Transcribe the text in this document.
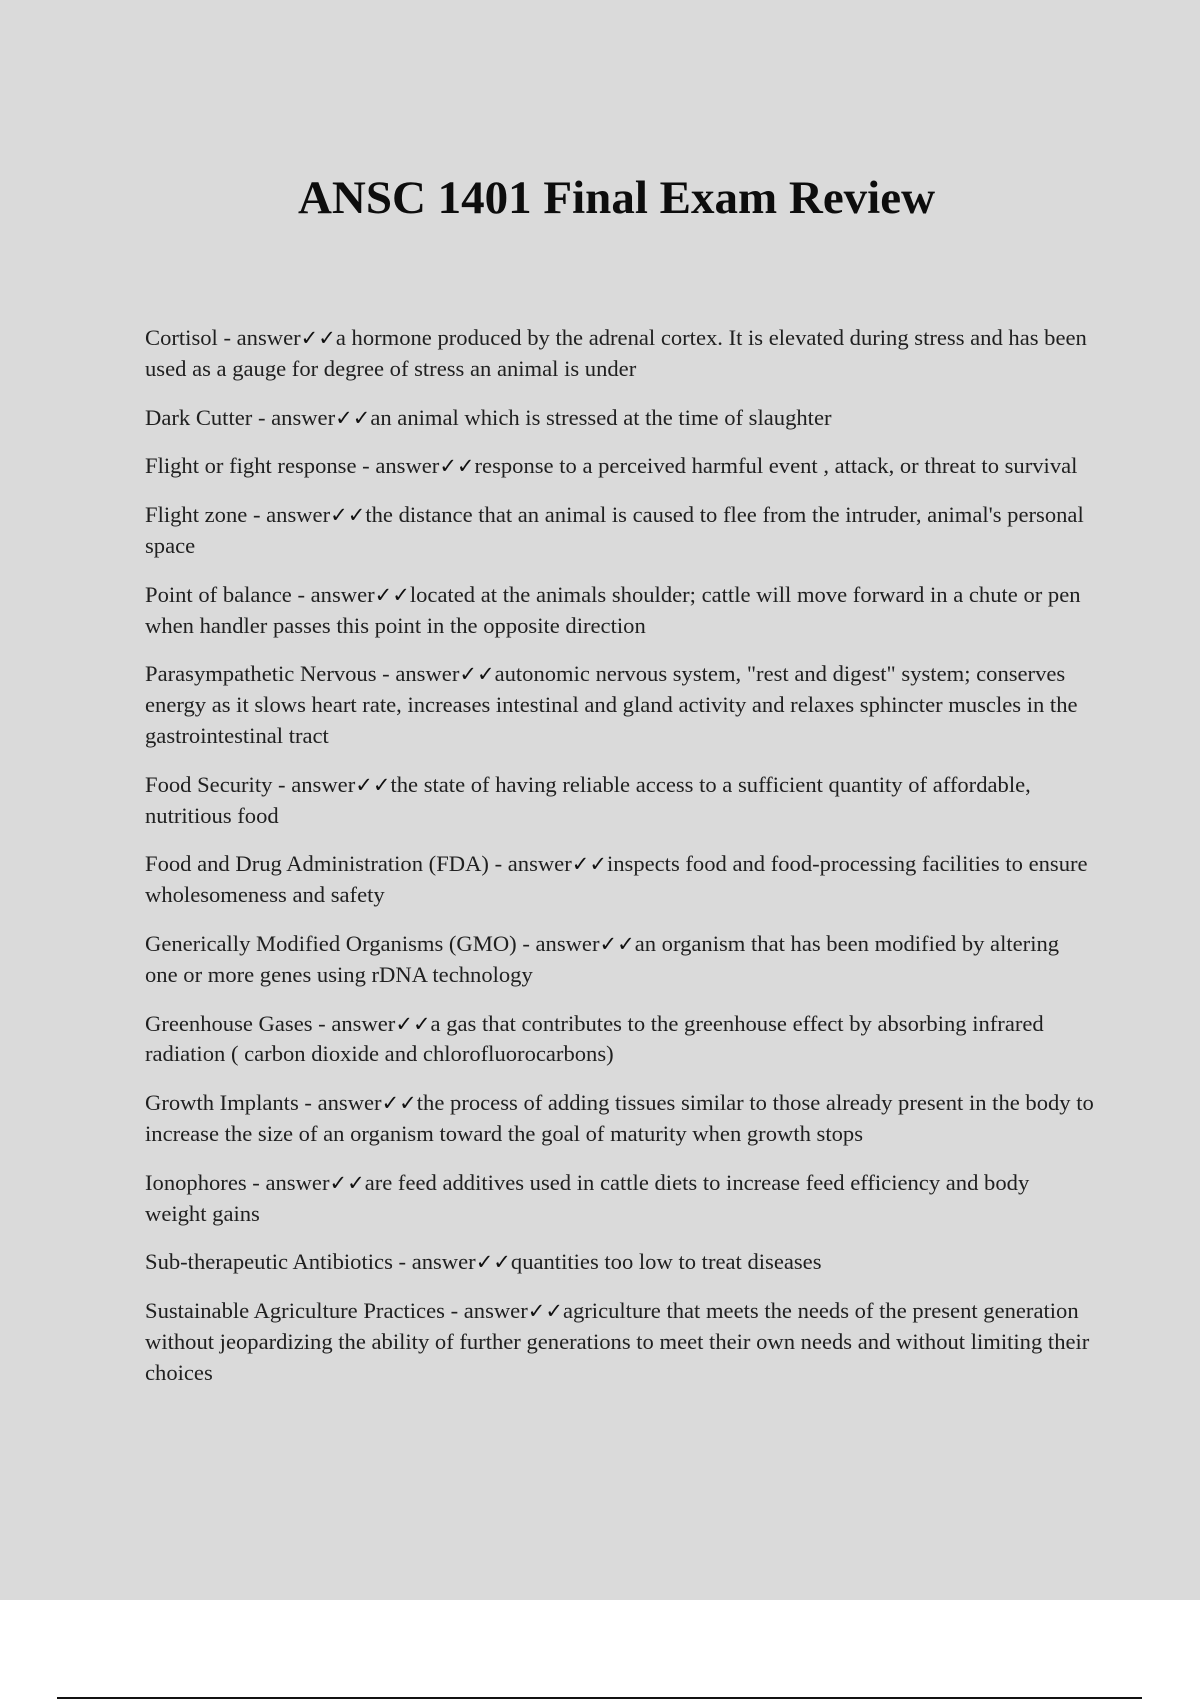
ANSC 1401 Final Exam Review

Cortisol - answer✓✓a hormone produced by the adrenal cortex. It is elevated during stress and has been used as a gauge for degree of stress an animal is under

Dark Cutter - answer✓✓an animal which is stressed at the time of slaughter

Flight or fight response - answer✓✓response to a perceived harmful event , attack, or threat to survival

Flight zone - answer✓✓the distance that an animal is caused to flee from the intruder, animal's personal space

Point of balance - answer✓✓located at the animals shoulder; cattle will move forward in a chute or pen when handler passes this point in the opposite direction

Parasympathetic Nervous - answer✓✓autonomic nervous system, "rest and digest" system; conserves energy as it slows heart rate, increases intestinal and gland activity and relaxes sphincter muscles in the gastrointestinal tract

Food Security - answer✓✓the state of having reliable access to a sufficient quantity of affordable, nutritious food

Food and Drug Administration (FDA) - answer✓✓inspects food and food-processing facilities to ensure wholesomeness and safety

Generically Modified Organisms (GMO) - answer✓✓an organism that has been modified by altering one or more genes using rDNA technology

Greenhouse Gases - answer✓✓a gas that contributes to the greenhouse effect by absorbing infrared radiation ( carbon dioxide and chlorofluorocarbons)

Growth Implants - answer✓✓the process of adding tissues similar to those already present in the body to increase the size of an organism toward the goal of maturity when growth stops

Ionophores - answer✓✓are feed additives used in cattle diets to increase feed efficiency and body weight gains

Sub-therapeutic Antibiotics - answer✓✓quantities too low to treat diseases

Sustainable Agriculture Practices - answer✓✓agriculture that meets the needs of the present generation without jeopardizing the ability of further generations to meet their own needs and without limiting their choices
